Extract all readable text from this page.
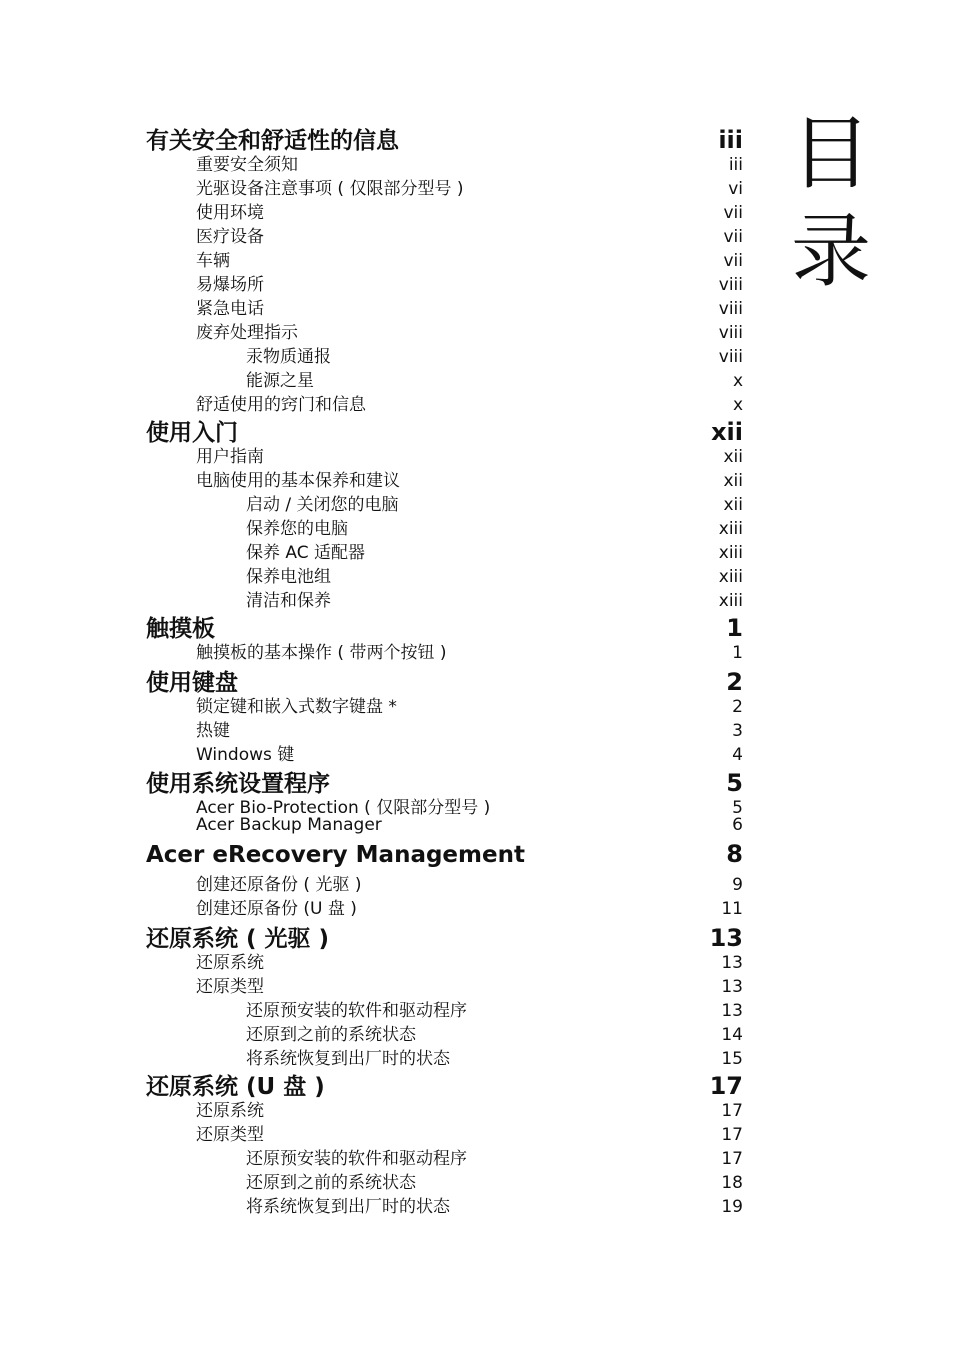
目
录
有关安全和舒适性的信息	iii
重要安全须知	iii
光驱设备注意事项 ( 仅限部分型号 )	vi
使用环境	vii
医疗设备	vii
车辆	vii
易爆场所	viii
紧急电话	viii
废弃处理指示	viii
汞物质通报	viii
能源之星	x
舒适使用的窍门和信息	x
使用入门	xii
用户指南	xii
电脑使用的基本保养和建议	xii
启动 / 关闭您的电脑	xii
保养您的电脑	xiii
保养 AC 适配器	xiii
保养电池组	xiii
清洁和保养	xiii
触摸板	1
触摸板的基本操作 ( 带两个按钮 )	1
使用键盘	2
锁定键和嵌入式数字键盘 *	2
热键	3
Windows 键	4
使用系统设置程序	5
Acer Bio-Protection ( 仅限部分型号 )	5
Acer Backup Manager	6
Acer eRecovery Management	8
创建还原备份 ( 光驱 )	9
创建还原备份 (U 盘 )	11
还原系统 ( 光驱 )	13
还原系统	13
还原类型	13
还原预安装的软件和驱动程序	13
还原到之前的系统状态	14
将系统恢复到出厂时的状态	15
还原系统 (U 盘 )	17
还原系统	17
还原类型	17
还原预安装的软件和驱动程序	17
还原到之前的系统状态	18
将系统恢复到出厂时的状态	19
